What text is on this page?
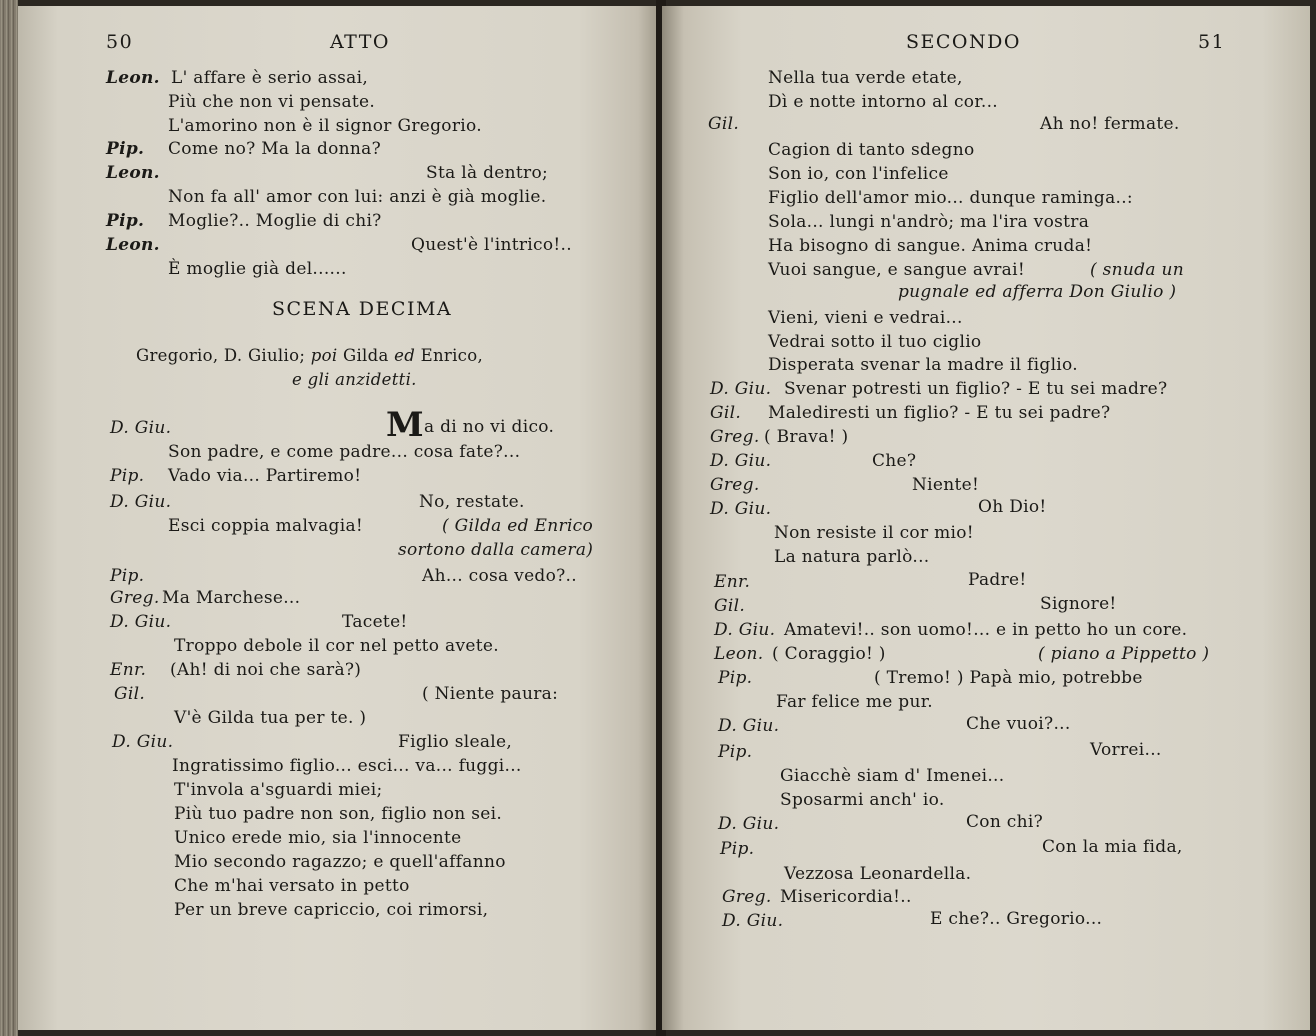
50	ATTO
Leon. L' affare è serio assai,
Più che non vi pensate.
L'amorino non è il signor Gregorio.
Pip. Come no? Ma la donna?
Leon.	Sta là dentro;
Non fa all' amor con lui: anzi è già moglie.
Pip. Moglie?.. Moglie di chi?
Leon.	Quest'è l'intrico!..
È moglie già del......
SCENA DECIMA
Gregorio, D. Giulio; poi Gilda ed Enrico,
e gli anzidetti.
D. Giu.	Ma di no vi dico.
Son padre, e come padre... cosa fate?...
Pip. Vado via... Partiremo!
D. Giu.	No, restate.
Esci coppia malvagia!	( Gilda ed Enrico
sortono dalla camera)
Pip.	Ah... cosa vedo?..
Greg. Ma Marchese...
D. Giu.	Tacete!
Troppo debole il cor nel petto avete.
Enr. (Ah! di noi che sarà?)
Gil.	( Niente paura:
V'è Gilda tua per te. )
D. Giu.	Figlio sleale,
Ingratissimo figlio... esci... va... fuggi...
T'invola a'sguardi miei;
Più tuo padre non son, figlio non sei.
Unico erede mio, sia l'innocente
Mio secondo ragazzo; e quell'affanno
Che m'hai versato in petto
Per un breve capriccio, coi rimorsi,
SECONDO	51
Nella tua verde etate,
Dì e notte intorno al cor...
Gil.	Ah no! fermate.
Cagion di tanto sdegno
Son io, con l'infelice
Figlio dell'amor mio... dunque raminga..:
Sola... lungi n'andrò; ma l'ira vostra
Ha bisogno di sangue. Anima cruda!
Vuoi sangue, e sangue avrai!	( snuda un
pugnale ed afferra Don Giulio )
Vieni, vieni e vedrai...
Vedrai sotto il tuo ciglio
Disperata svenar la madre il figlio.
D. Giu. Svenar potresti un figlio? - E tu sei madre?
Gil. Malediresti un figlio? - E tu sei padre?
Greg. ( Brava! )
D. Giu.	Che?
Greg.	Niente!
D. Giu.	Oh Dio!
Non resiste il cor mio!
La natura parlò...
Enr.	Padre!
Gil.	Signore!
D. Giu. Amatevi!.. son uomo!... e in petto ho un core.
Leon. ( Coraggio! )	( piano a Pippetto )
Pip.	( Tremo! ) Papà mio, potrebbe
Far felice me pur.
D. Giu.	Che vuoi?...
Pip.	Vorrei...
Giacchè siam d' Imenei...
Sposarmi anch' io.
D. Giu.	Con chi?
Pip.	Con la mia fida,
Vezzosa Leonardella.
Greg. Misericordia!..
D. Giu.	E che?.. Gregorio...
